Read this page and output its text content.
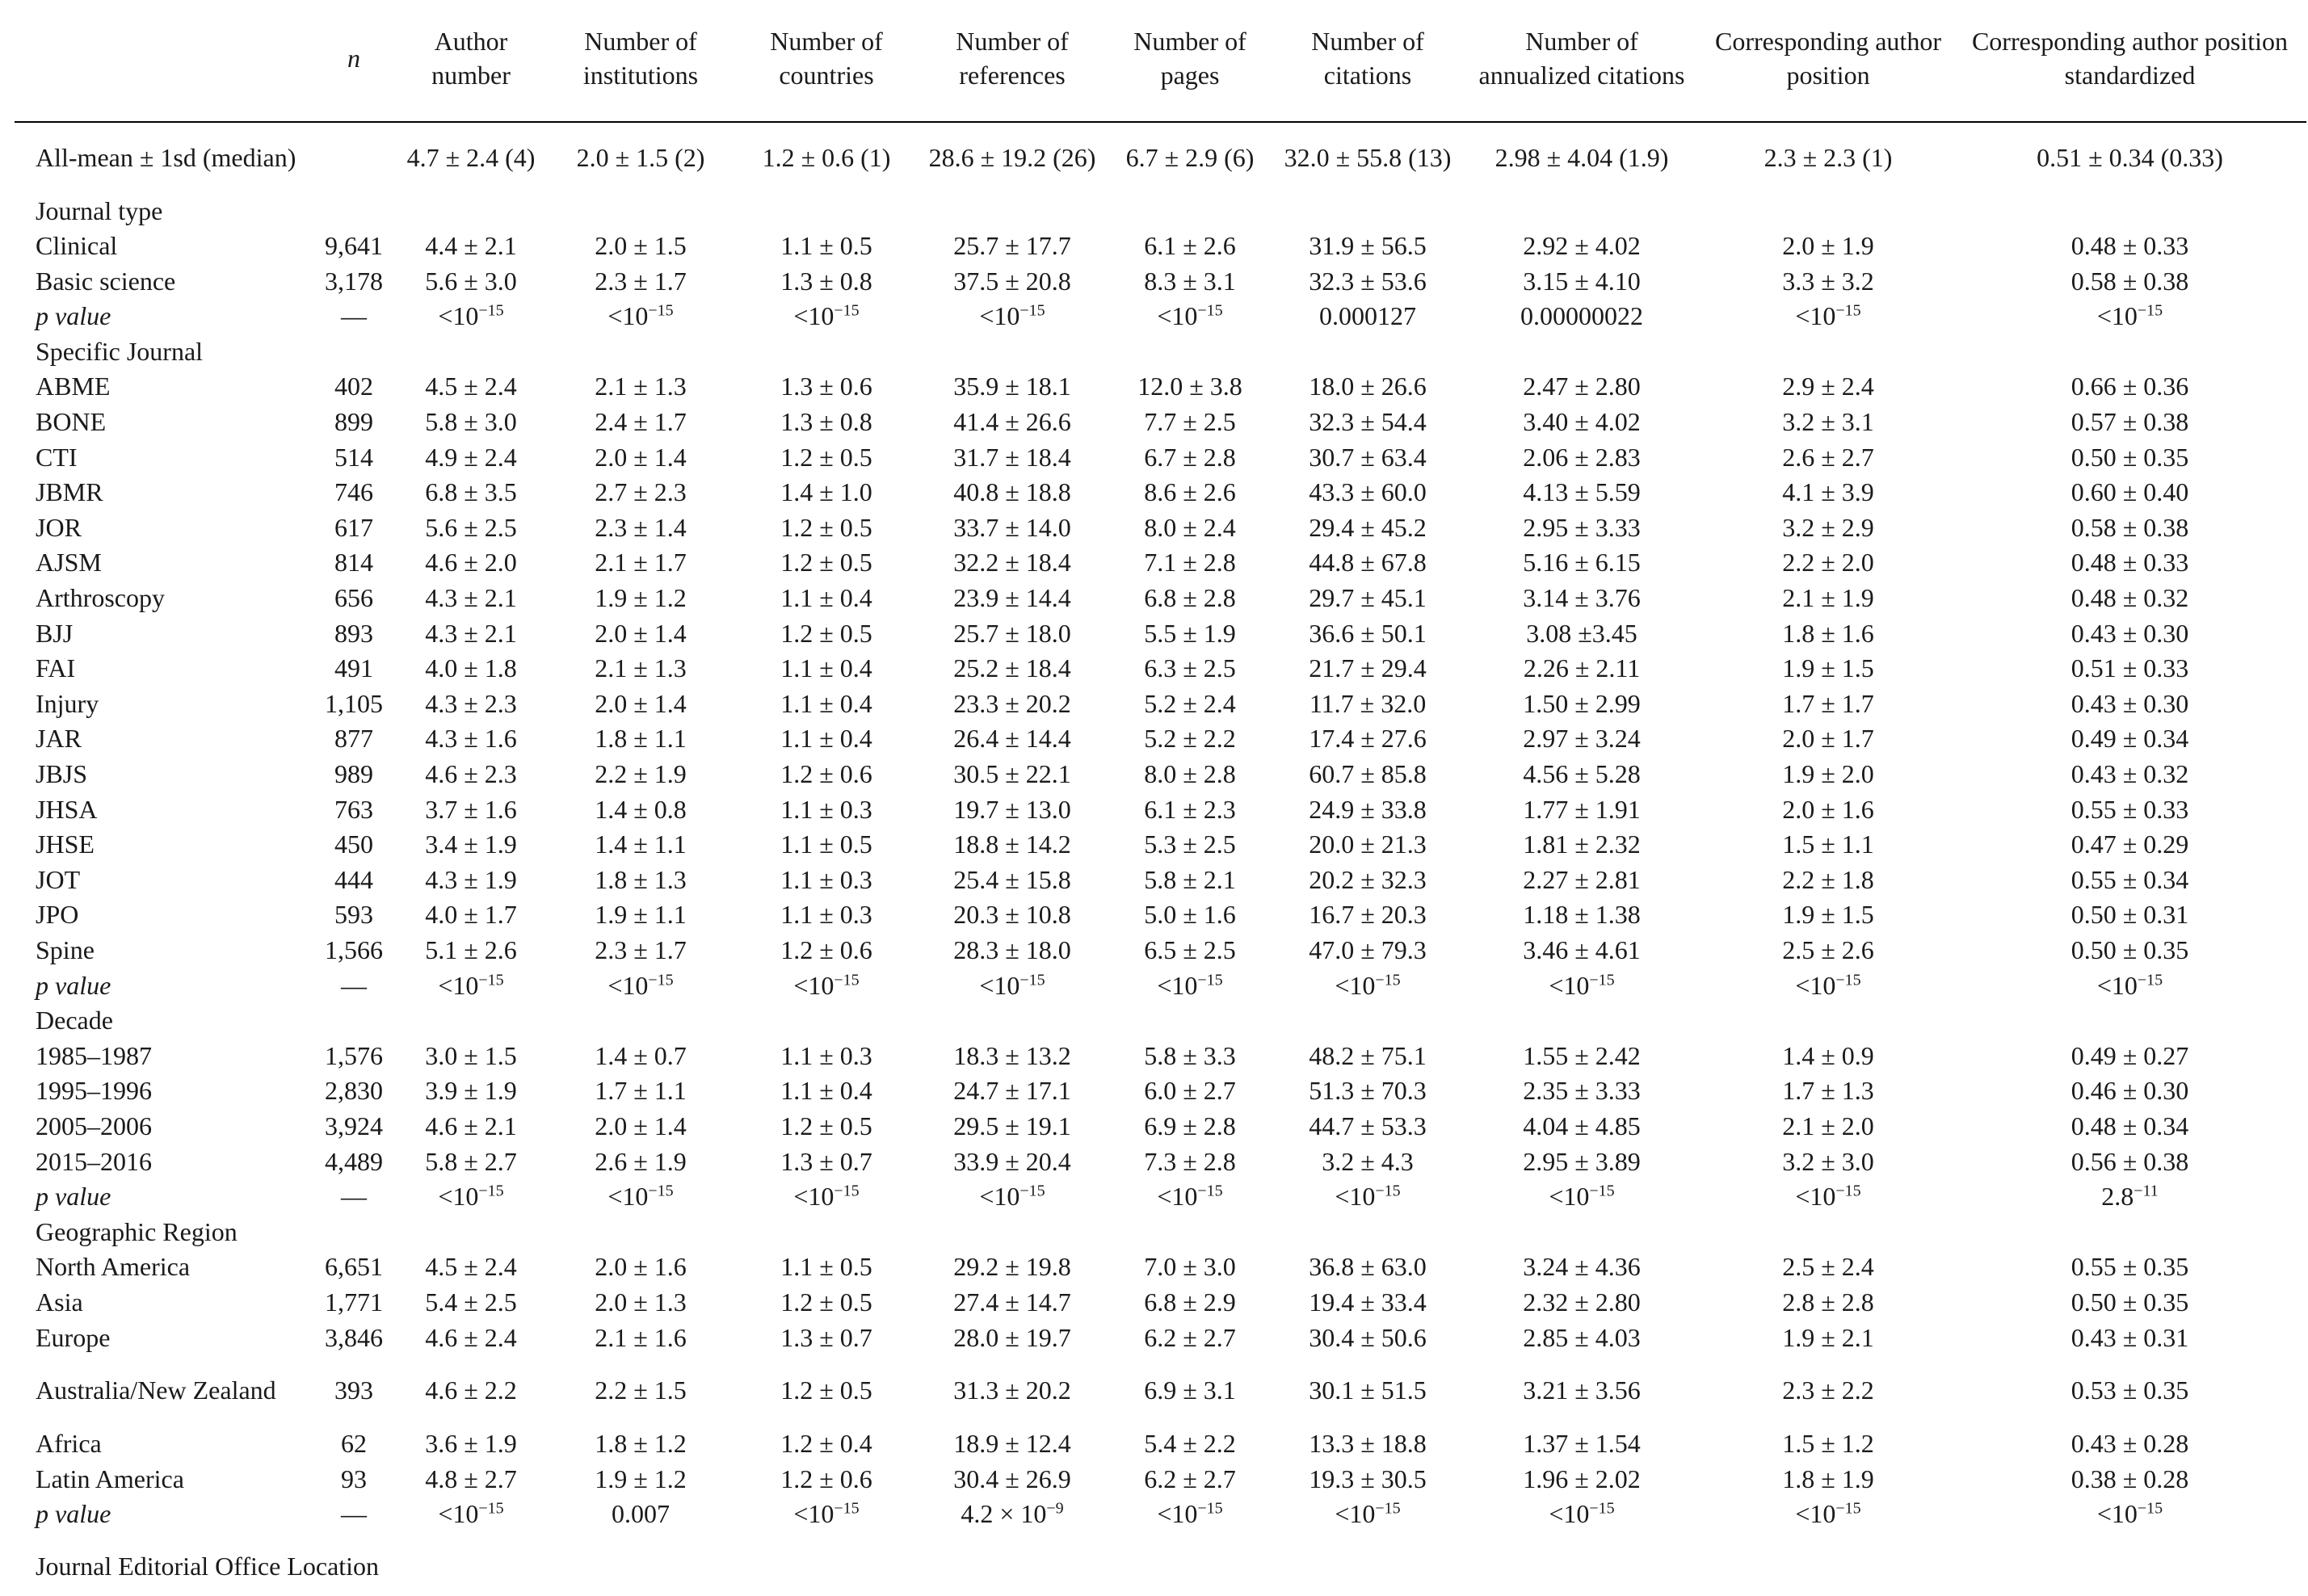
	n	Author number	Number of institutions	Number of countries	Number of references	Number of pages	Number of citations	Number of annualized citations	Corresponding author position	Corresponding author position standardized
All-mean ± 1sd (median)		4.7 ± 2.4 (4)	2.0 ± 1.5 (2)	1.2 ± 0.6 (1)	28.6 ± 19.2 (26)	6.7 ± 2.9 (6)	32.0 ± 55.8 (13)	2.98 ± 4.04 (1.9)	2.3 ± 2.3 (1)	0.51 ± 0.34 (0.33)
Journal type										
Clinical	9,641	4.4 ± 2.1	2.0 ± 1.5	1.1 ± 0.5	25.7 ± 17.7	6.1 ± 2.6	31.9 ± 56.5	2.92 ± 4.02	2.0 ± 1.9	0.48 ± 0.33
Basic science	3,178	5.6 ± 3.0	2.3 ± 1.7	1.3 ± 0.8	37.5 ± 20.8	8.3 ± 3.1	32.3 ± 53.6	3.15 ± 4.10	3.3 ± 3.2	0.58 ± 0.38
p value	—	$<10^{-15}$	$<10^{-15}$	$<10^{-15}$	$<10^{-15}$	$<10^{-15}$	0.000127	0.00000022	$<10^{-15}$	$<10^{-15}$
Specific Journal										
ABME	402	4.5 ± 2.4	2.1 ± 1.3	1.3 ± 0.6	35.9 ± 18.1	12.0 ± 3.8	18.0 ± 26.6	2.47 ± 2.80	2.9 ± 2.4	0.66 ± 0.36
BONE	899	5.8 ± 3.0	2.4 ± 1.7	1.3 ± 0.8	41.4 ± 26.6	7.7 ± 2.5	32.3 ± 54.4	3.40 ± 4.02	3.2 ± 3.1	0.57 ± 0.38
CTI	514	4.9 ± 2.4	2.0 ± 1.4	1.2 ± 0.5	31.7 ± 18.4	6.7 ± 2.8	30.7 ± 63.4	2.06 ± 2.83	2.6 ± 2.7	0.50 ± 0.35
JBMR	746	6.8 ± 3.5	2.7 ± 2.3	1.4 ± 1.0	40.8 ± 18.8	8.6 ± 2.6	43.3 ± 60.0	4.13 ± 5.59	4.1 ± 3.9	0.60 ± 0.40
JOR	617	5.6 ± 2.5	2.3 ± 1.4	1.2 ± 0.5	33.7 ± 14.0	8.0 ± 2.4	29.4 ± 45.2	2.95 ± 3.33	3.2 ± 2.9	0.58 ± 0.38
AJSM	814	4.6 ± 2.0	2.1 ± 1.7	1.2 ± 0.5	32.2 ± 18.4	7.1 ± 2.8	44.8 ± 67.8	5.16 ± 6.15	2.2 ± 2.0	0.48 ± 0.33
Arthroscopy	656	4.3 ± 2.1	1.9 ± 1.2	1.1 ± 0.4	23.9 ± 14.4	6.8 ± 2.8	29.7 ± 45.1	3.14 ± 3.76	2.1 ± 1.9	0.48 ± 0.32
BJJ	893	4.3 ± 2.1	2.0 ± 1.4	1.2 ± 0.5	25.7 ± 18.0	5.5 ± 1.9	36.6 ± 50.1	3.08 ±3.45	1.8 ± 1.6	0.43 ± 0.30
FAI	491	4.0 ± 1.8	2.1 ± 1.3	1.1 ± 0.4	25.2 ± 18.4	6.3 ± 2.5	21.7 ± 29.4	2.26 ± 2.11	1.9 ± 1.5	0.51 ± 0.33
Injury	1,105	4.3 ± 2.3	2.0 ± 1.4	1.1 ± 0.4	23.3 ± 20.2	5.2 ± 2.4	11.7 ± 32.0	1.50 ± 2.99	1.7 ± 1.7	0.43 ± 0.30
JAR	877	4.3 ± 1.6	1.8 ± 1.1	1.1 ± 0.4	26.4 ± 14.4	5.2 ± 2.2	17.4 ± 27.6	2.97 ± 3.24	2.0 ± 1.7	0.49 ± 0.34
JBJS	989	4.6 ± 2.3	2.2 ± 1.9	1.2 ± 0.6	30.5 ± 22.1	8.0 ± 2.8	60.7 ± 85.8	4.56 ± 5.28	1.9 ± 2.0	0.43 ± 0.32
JHSA	763	3.7 ± 1.6	1.4 ± 0.8	1.1 ± 0.3	19.7 ± 13.0	6.1 ± 2.3	24.9 ± 33.8	1.77 ± 1.91	2.0 ± 1.6	0.55 ± 0.33
JHSE	450	3.4 ± 1.9	1.4 ± 1.1	1.1 ± 0.5	18.8 ± 14.2	5.3 ± 2.5	20.0 ± 21.3	1.81 ± 2.32	1.5 ± 1.1	0.47 ± 0.29
JOT	444	4.3 ± 1.9	1.8 ± 1.3	1.1 ± 0.3	25.4 ± 15.8	5.8 ± 2.1	20.2 ± 32.3	2.27 ± 2.81	2.2 ± 1.8	0.55 ± 0.34
JPO	593	4.0 ± 1.7	1.9 ± 1.1	1.1 ± 0.3	20.3 ± 10.8	5.0 ± 1.6	16.7 ± 20.3	1.18 ± 1.38	1.9 ± 1.5	0.50 ± 0.31
Spine	1,566	5.1 ± 2.6	2.3 ± 1.7	1.2 ± 0.6	28.3 ± 18.0	6.5 ± 2.5	47.0 ± 79.3	3.46 ± 4.61	2.5 ± 2.6	0.50 ± 0.35
p value	—	$<10^{-15}$	$<10^{-15}$	$<10^{-15}$	$<10^{-15}$	$<10^{-15}$	$<10^{-15}$	$<10^{-15}$	$<10^{-15}$	$<10^{-15}$
Decade										
1985–1987	1,576	3.0 ± 1.5	1.4 ± 0.7	1.1 ± 0.3	18.3 ± 13.2	5.8 ± 3.3	48.2 ± 75.1	1.55 ± 2.42	1.4 ± 0.9	0.49 ± 0.27
1995–1996	2,830	3.9 ± 1.9	1.7 ± 1.1	1.1 ± 0.4	24.7 ± 17.1	6.0 ± 2.7	51.3 ± 70.3	2.35 ± 3.33	1.7 ± 1.3	0.46 ± 0.30
2005–2006	3,924	4.6 ± 2.1	2.0 ± 1.4	1.2 ± 0.5	29.5 ± 19.1	6.9 ± 2.8	44.7 ± 53.3	4.04 ± 4.85	2.1 ± 2.0	0.48 ± 0.34
2015–2016	4,489	5.8 ± 2.7	2.6 ± 1.9	1.3 ± 0.7	33.9 ± 20.4	7.3 ± 2.8	3.2 ± 4.3	2.95 ± 3.89	3.2 ± 3.0	0.56 ± 0.38
p value	—	$<10^{-15}$	$<10^{-15}$	$<10^{-15}$	$<10^{-15}$	$<10^{-15}$	$<10^{-15}$	$<10^{-15}$	$<10^{-15}$	$2.8^{-11}$
Geographic Region										
North America	6,651	4.5 ± 2.4	2.0 ± 1.6	1.1 ± 0.5	29.2 ± 19.8	7.0 ± 3.0	36.8 ± 63.0	3.24 ± 4.36	2.5 ± 2.4	0.55 ± 0.35
Asia	1,771	5.4 ± 2.5	2.0 ± 1.3	1.2 ± 0.5	27.4 ± 14.7	6.8 ± 2.9	19.4 ± 33.4	2.32 ± 2.80	2.8 ± 2.8	0.50 ± 0.35
Europe	3,846	4.6 ± 2.4	2.1 ± 1.6	1.3 ± 0.7	28.0 ± 19.7	6.2 ± 2.7	30.4 ± 50.6	2.85 ± 4.03	1.9 ± 2.1	0.43 ± 0.31
Australia/New Zealand	393	4.6 ± 2.2	2.2 ± 1.5	1.2 ± 0.5	31.3 ± 20.2	6.9 ± 3.1	30.1 ± 51.5	3.21 ± 3.56	2.3 ± 2.2	0.53 ± 0.35
Africa	62	3.6 ± 1.9	1.8 ± 1.2	1.2 ± 0.4	18.9 ± 12.4	5.4 ± 2.2	13.3 ± 18.8	1.37 ± 1.54	1.5 ± 1.2	0.43 ± 0.28
Latin America	93	4.8 ± 2.7	1.9 ± 1.2	1.2 ± 0.6	30.4 ± 26.9	6.2 ± 2.7	19.3 ± 30.5	1.96 ± 2.02	1.8 ± 1.9	0.38 ± 0.28
p value	—	$<10^{-15}$	0.007	$<10^{-15}$	$4.2 \times 10^{-9}$	$<10^{-15}$	$<10^{-15}$	$<10^{-15}$	$<10^{-15}$	$<10^{-15}$
Journal Editorial Office Location										
